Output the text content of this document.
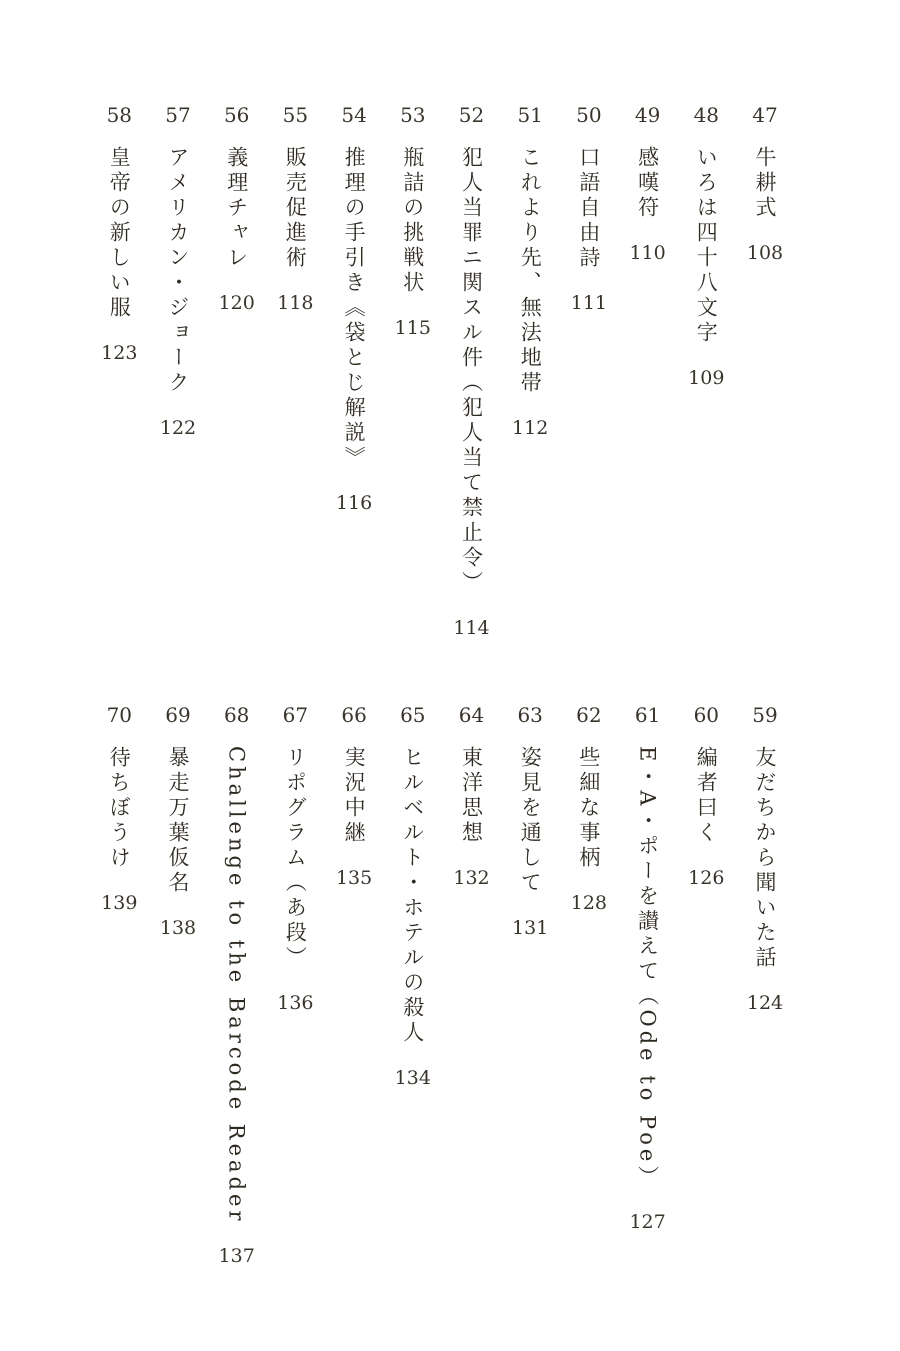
47
牛耕式
108
48
いろは四十八文字
109
49
感嘆符
110
50
口語自由詩
111
51
これより先、無法地帯
112
52
犯人当罪ニ関スル件（犯人当て禁止令）
114
53
瓶詰の挑戦状
115
54
推理の手引き《袋とじ解説》
116
55
販売促進術
118
56
義理チャレ
120
57
アメリカン・ジョーク
122
58
皇帝の新しい服
123
59
友だちから聞いた話
124
60
編者曰く
126
61
E・A・ポーを讃えて（Ode to Poe）
127
62
些細な事柄
128
63
姿見を通して
131
64
東洋思想
132
65
ヒルベルト・ホテルの殺人
134
66
実況中継
135
67
リポグラム（あ段）
136
68
Challenge to the Barcode Reader
137
69
暴走万葉仮名
138
70
待ちぼうけ
139
